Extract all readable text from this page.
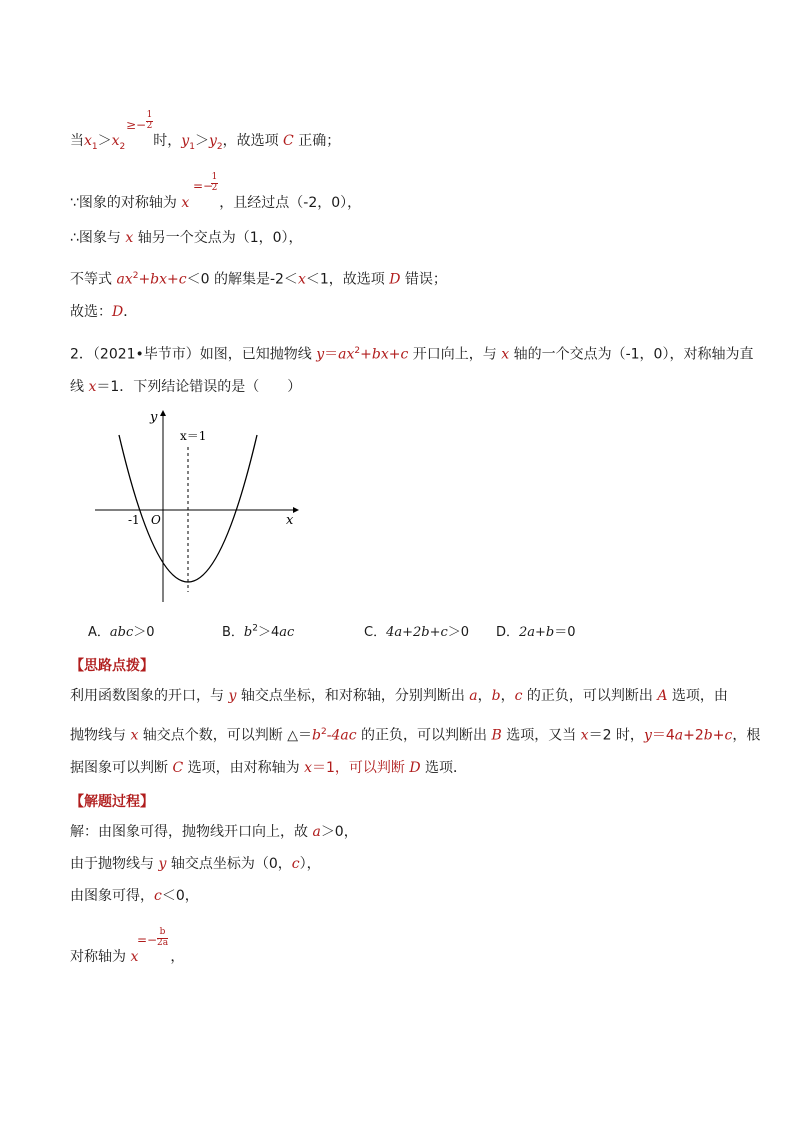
当$x_1>x_2$ 时，$y_1>y_2$，故选项 C 正确；
≥−
1
2
∵图象的对称轴为 x ，且经过点（-2，0），
=−
1
2
∴图象与 x 轴另一个交点为（1，0），
不等式 $ax^2+bx+c<0$ 的解集是-2＜x＜1，故选项 D 错误；
故选：D．
2．（2021•毕节市）如图，已知抛物线 $y=ax^2+bx+c$ 开口向上，与 x 轴的一个交点为（-1，0），对称轴为直
线 x＝1．下列结论错误的是（　　）
y
x
x＝1
O
-1
A．abc＞0	B．$b^2>4ac$	C．4a+2b+c＞0 D．2a+b＝0
【思路点拨】
利用函数图象的开口，与 y 轴交点坐标，和对称轴，分别判断出 a，b，c 的正负，可以判断出 A 选项，由
抛物线与 x 轴交点个数，可以判断 $\triangle=b^2-4ac$ 的正负，可以判断出 B 选项，又当 x＝2 时，y＝4a+2b+c，根
据图象可以判断 C 选项，由对称轴为 x＝1，可以判断 D 选项．
【解题过程】
解：由图象可得，抛物线开口向上，故 a＞0，
由于抛物线与 y 轴交点坐标为（0，c），
由图象可得，c＜0，
对称轴为 x ，
=−
b
2a
